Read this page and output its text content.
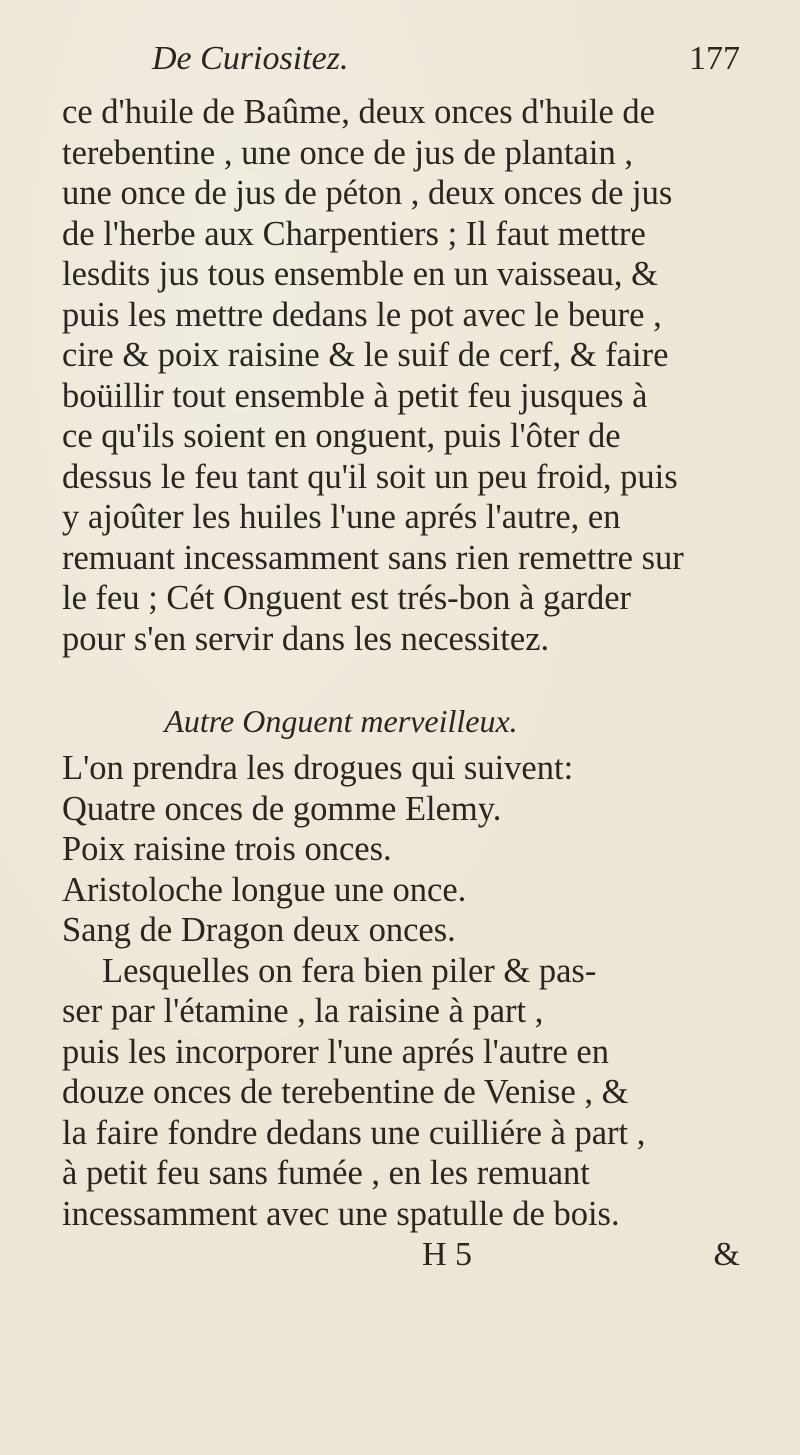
De Curiositez.	177
ce d'huile de Baûme, deux onces d'huile de
terebentine , une once de jus de plantain ,
une once de jus de péton , deux onces de jus
de l'herbe aux Charpentiers ; Il faut mettre
lesdits jus tous ensemble en un vaisseau, &
puis les mettre dedans le pot avec le beure ,
cire & poix raisine & le suif de cerf, & faire
boüillir tout ensemble à petit feu jusques à
ce qu'ils soient en onguent, puis l'ôter de
dessus le feu tant qu'il soit un peu froid, puis
y ajoûter les huiles l'une aprés l'autre, en
remuant incessamment sans rien remettre sur
le feu ; Cét Onguent est trés-bon à garder
pour s'en servir dans les necessitez.
Autre Onguent merveilleux.
L'on prendra les drogues qui suivent:
Quatre onces de gomme Elemy.
Poix raisine trois onces.
Aristoloche longue une once.
Sang de Dragon deux onces.
Lesquelles on fera bien piler & pas-
ser par l'étamine , la raisine à part ,
puis les incorporer l'une aprés l'autre en
douze onces de terebentine de Venise , &
la faire fondre dedans une cuilliére à part ,
à petit feu sans fumée , en les remuant
incessamment avec une spatulle de bois.
H 5	&
